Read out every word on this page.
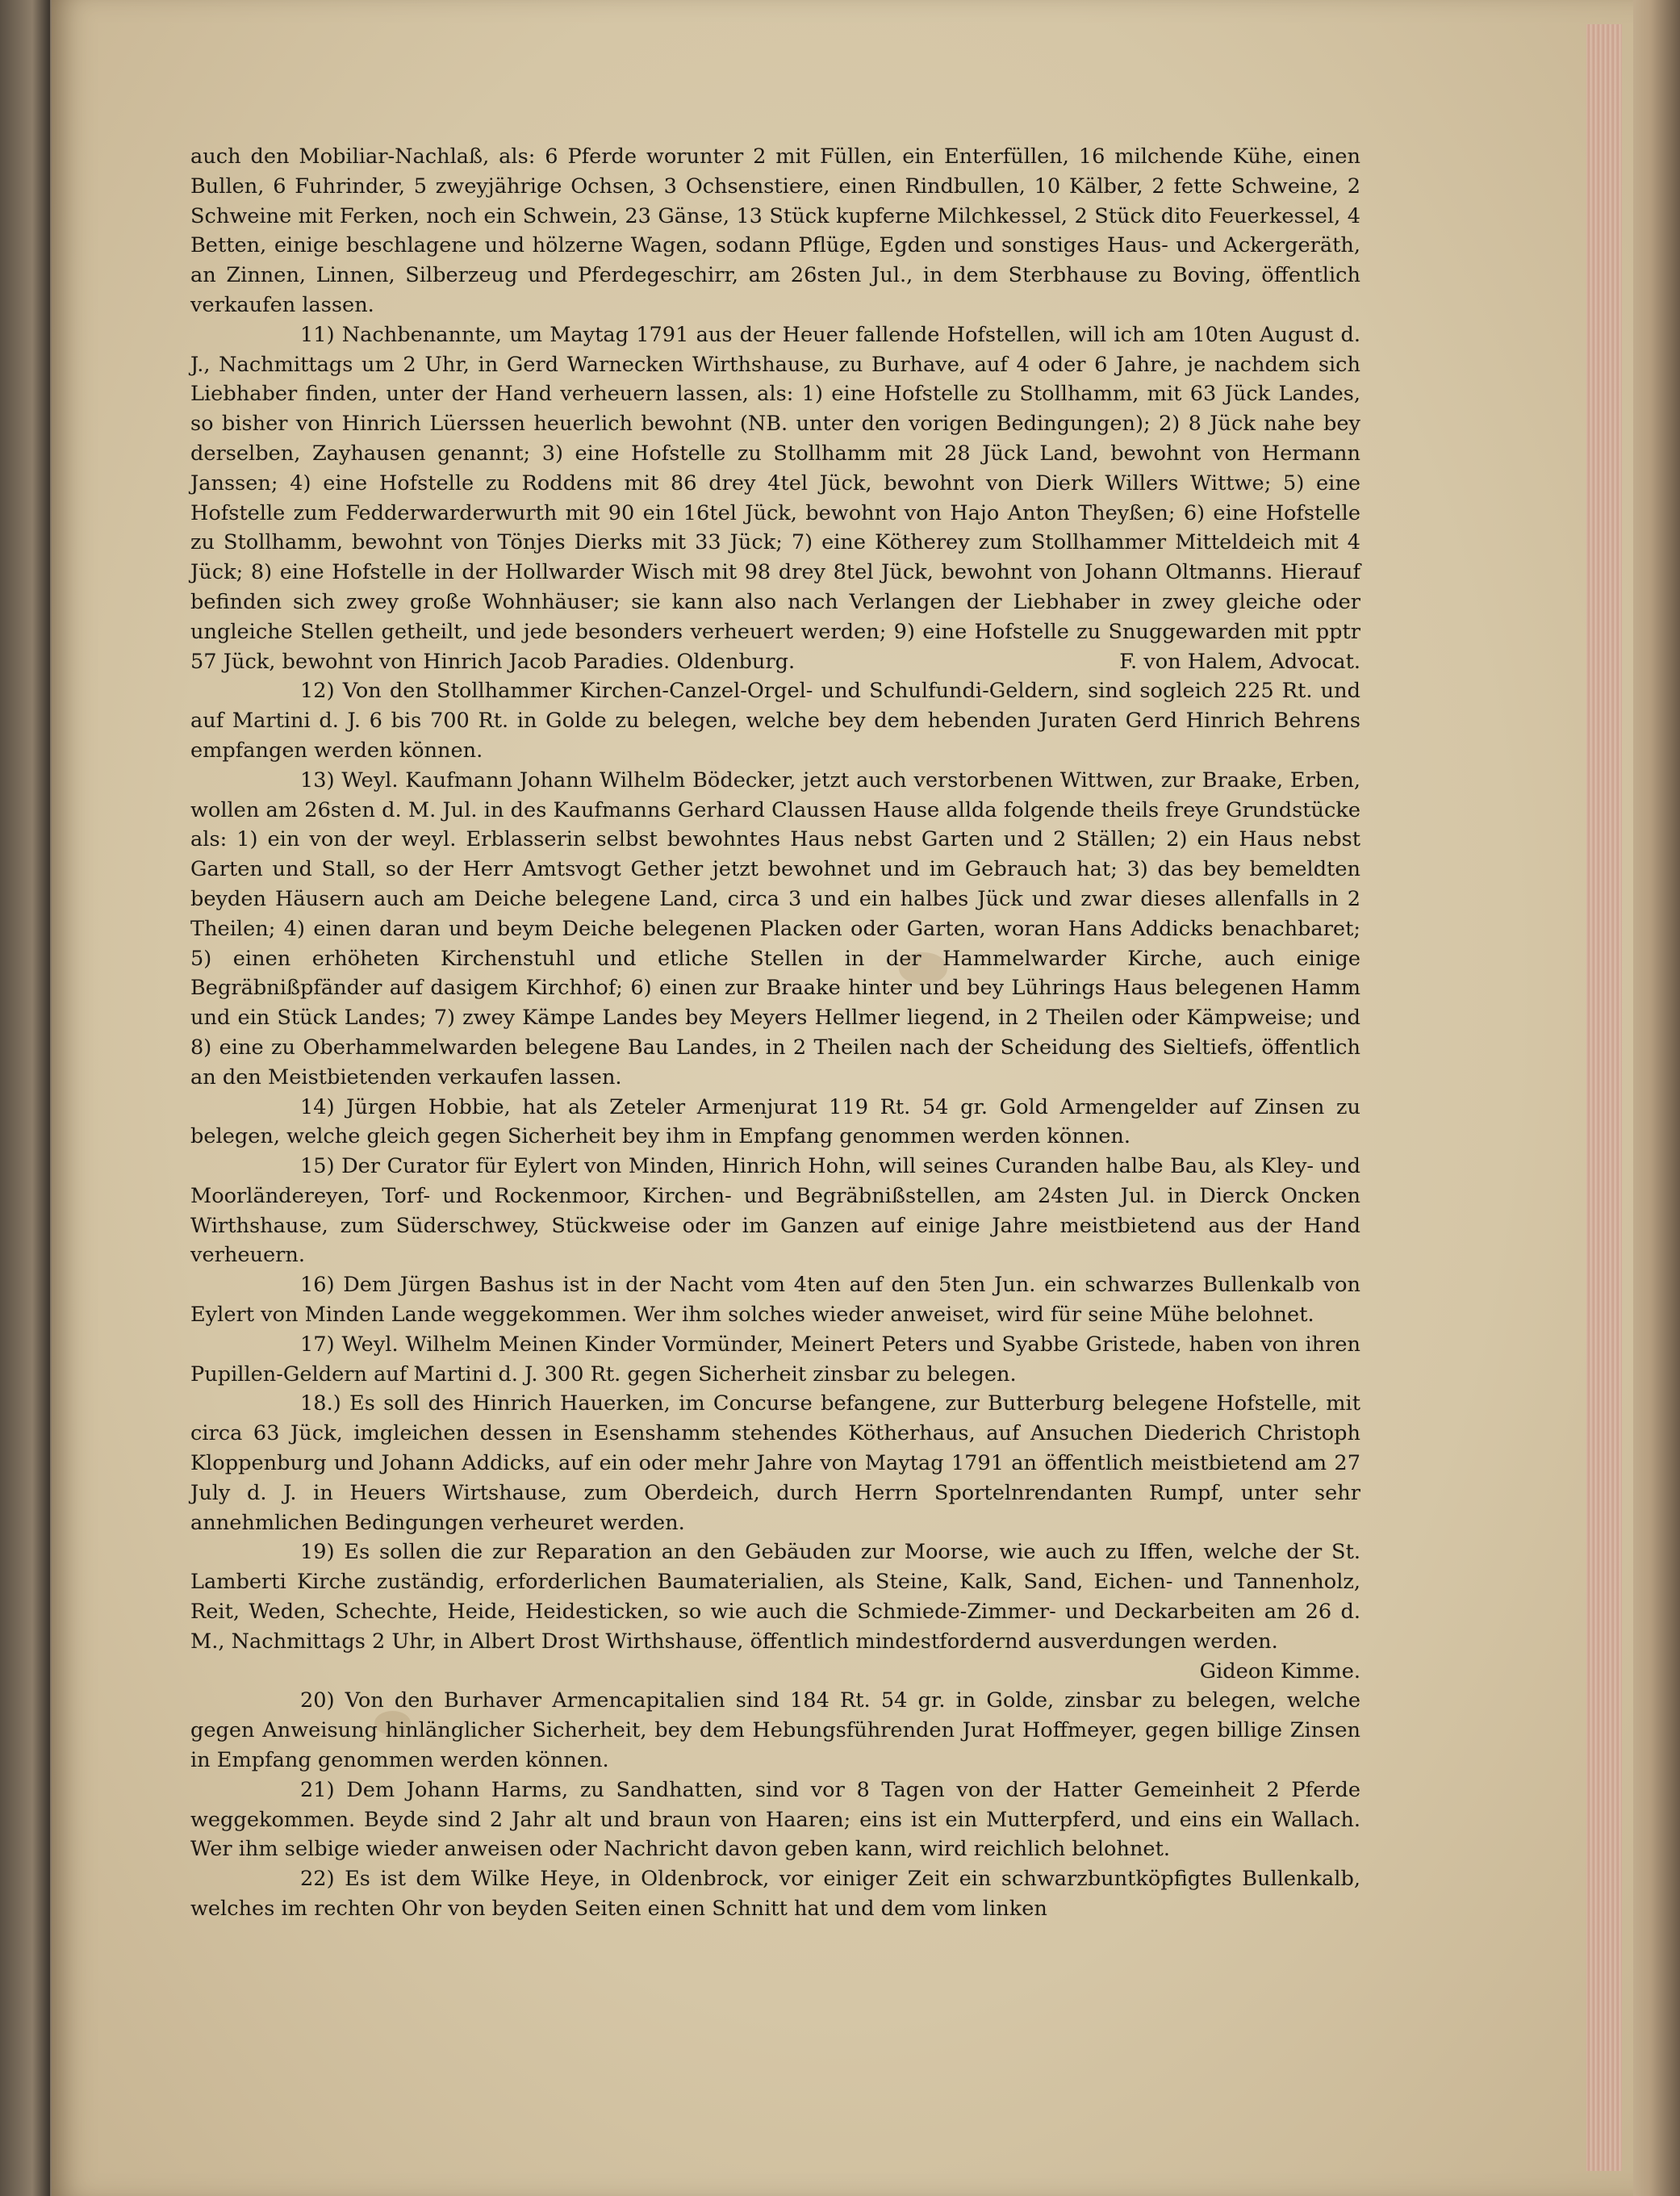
auch den Mobiliar-Nachlaß, als: 6 Pferde worunter 2 mit Füllen, ein Enterfüllen, 16 milchende Kühe, einen Bullen, 6 Fuhrinder, 5 zweyjährige Ochsen, 3 Ochsenstiere, einen Rindbullen, 10 Kälber, 2 fette Schweine, 2 Schweine mit Ferken, noch ein Schwein, 23 Gänse, 13 Stück kupferne Milchkessel, 2 Stück dito Feuerkessel, 4 Betten, einige beschlagene und hölzerne Wagen, sodann Pflüge, Egden und sonstiges Haus- und Ackergeräth, an Zinnen, Linnen, Silberzeug und Pferdegeschirr, am 26sten Jul., in dem Sterbhause zu Boving, öffentlich verkaufen lassen.

11) Nachbenannte, um Maytag 1791 aus der Heuer fallende Hofstellen, will ich am 10ten August d. J., Nachmittags um 2 Uhr, in Gerd Warnecken Wirthshause, zu Burhave, auf 4 oder 6 Jahre, je nachdem sich Liebhaber finden, unter der Hand verheuern lassen, als: 1) eine Hofstelle zu Stollhamm, mit 63 Jück Landes, so bisher von Hinrich Lüerssen heuerlich bewohnt (NB. unter den vorigen Bedingungen); 2) 8 Jück nahe bey derselben, Zayhausen genannt; 3) eine Hofstelle zu Stollhamm mit 28 Jück Land, bewohnt von Hermann Janssen; 4) eine Hofstelle zu Roddens mit 86 drey 4tel Jück, bewohnt von Dierk Willers Wittwe; 5) eine Hofstelle zum Fedderwarderwurth mit 90 ein 16tel Jück, bewohnt von Hajo Anton Theyßen; 6) eine Hofstelle zu Stollhamm, bewohnt von Tönjes Dierks mit 33 Jück; 7) eine Kötherey zum Stollhammer Mitteldeich mit 4 Jück; 8) eine Hofstelle in der Hollwarder Wisch mit 98 drey 8tel Jück, bewohnt von Johann Oltmanns. Hierauf befinden sich zwey große Wohnhäuser; sie kann also nach Verlangen der Liebhaber in zwey gleiche oder ungleiche Stellen getheilt, und jede besonders verheuert werden; 9) eine Hofstelle zu Snuggewarden mit pptr 57 Jück, bewohnt von Hinrich Jacob Paradies. Oldenburg.	F. von Halem, Advocat.

12) Von den Stollhammer Kirchen-Canzel-Orgel- und Schulfundi-Geldern, sind sogleich 225 Rt. und auf Martini d. J. 6 bis 700 Rt. in Golde zu belegen, welche bey dem hebenden Juraten Gerd Hinrich Behrens empfangen werden können.

13) Weyl. Kaufmann Johann Wilhelm Bödecker, jetzt auch verstorbenen Wittwen, zur Braake, Erben, wollen am 26sten d. M. Jul. in des Kaufmanns Gerhard Claussen Hause allda folgende theils freye Grundstücke als: 1) ein von der weyl. Erblasserin selbst bewohntes Haus nebst Garten und 2 Ställen; 2) ein Haus nebst Garten und Stall, so der Herr Amtsvogt Gether jetzt bewohnet und im Gebrauch hat; 3) das bey bemeldten beyden Häusern auch am Deiche belegene Land, circa 3 und ein halbes Jück und zwar dieses allenfalls in 2 Theilen; 4) einen daran und beym Deiche belegenen Placken oder Garten, woran Hans Addicks benachbaret; 5) einen erhöheten Kirchenstuhl und etliche Stellen in der Hammelwarder Kirche, auch einige Begräbnißpfänder auf dasigem Kirchhof; 6) einen zur Braake hinter und bey Lührings Haus belegenen Hamm und ein Stück Landes; 7) zwey Kämpe Landes bey Meyers Hellmer liegend, in 2 Theilen oder Kämpweise; und 8) eine zu Oberhammelwarden belegene Bau Landes, in 2 Theilen nach der Scheidung des Sieltiefs, öffentlich an den Meistbietenden verkaufen lassen.

14) Jürgen Hobbie, hat als Zeteler Armenjurat 119 Rt. 54 gr. Gold Armengelder auf Zinsen zu belegen, welche gleich gegen Sicherheit bey ihm in Empfang genommen werden können.

15) Der Curator für Eylert von Minden, Hinrich Hohn, will seines Curanden halbe Bau, als Kley- und Moorländereyen, Torf- und Rockenmoor, Kirchen- und Begräbnißstellen, am 24sten Jul. in Dierck Oncken Wirthshause, zum Süderschwey, Stückweise oder im Ganzen auf einige Jahre meistbietend aus der Hand verheuern.

16) Dem Jürgen Bashus ist in der Nacht vom 4ten auf den 5ten Jun. ein schwarzes Bullenkalb von Eylert von Minden Lande weggekommen. Wer ihm solches wieder anweiset, wird für seine Mühe belohnet.

17) Weyl. Wilhelm Meinen Kinder Vormünder, Meinert Peters und Syabbe Gristede, haben von ihren Pupillen-Geldern auf Martini d. J. 300 Rt. gegen Sicherheit zinsbar zu belegen.

18.) Es soll des Hinrich Hauerken, im Concurse befangene, zur Butterburg belegene Hofstelle, mit circa 63 Jück, imgleichen dessen in Esenshamm stehendes Kötherhaus, auf Ansuchen Diederich Christoph Kloppenburg und Johann Addicks, auf ein oder mehr Jahre von Maytag 1791 an öffentlich meistbietend am 27 July d. J. in Heuers Wirtshause, zum Oberdeich, durch Herrn Sportelnrendanten Rumpf, unter sehr annehmlichen Bedingungen verheuret werden.

19) Es sollen die zur Reparation an den Gebäuden zur Moorse, wie auch zu Iffen, welche der St. Lamberti Kirche zuständig, erforderlichen Baumaterialien, als Steine, Kalk, Sand, Eichen- und Tannenholz, Reit, Weden, Schechte, Heide, Heidesticken, so wie auch die Schmiede-Zimmer- und Deckarbeiten am 26 d. M., Nachmittags 2 Uhr, in Albert Drost Wirthshause, öffentlich mindestfordernd ausverdungen werden.
Gideon Kimme.

20) Von den Burhaver Armencapitalien sind 184 Rt. 54 gr. in Golde, zinsbar zu belegen, welche gegen Anweisung hinlänglicher Sicherheit, bey dem Hebungsführenden Jurat Hoffmeyer, gegen billige Zinsen in Empfang genommen werden können.

21) Dem Johann Harms, zu Sandhatten, sind vor 8 Tagen von der Hatter Gemeinheit 2 Pferde weggekommen. Beyde sind 2 Jahr alt und braun von Haaren; eins ist ein Mutterpferd, und eins ein Wallach. Wer ihm selbige wieder anweisen oder Nachricht davon geben kann, wird reichlich belohnet.

22) Es ist dem Wilke Heye, in Oldenbrock, vor einiger Zeit ein schwarzbuntköpfigtes Bullenkalb, welches im rechten Ohr von beyden Seiten einen Schnitt hat und dem vom linken
